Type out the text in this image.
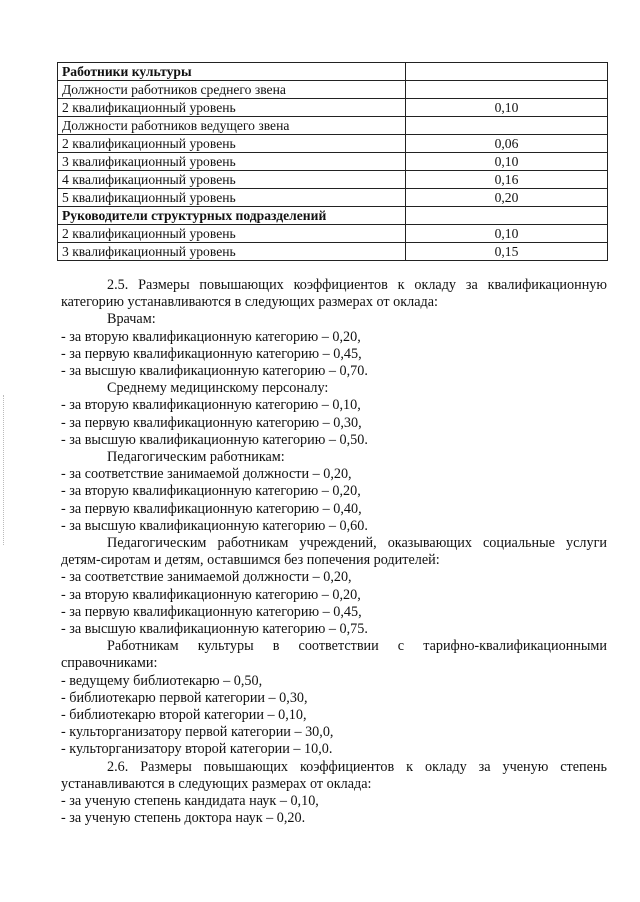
Работники культуры	
Должности работников среднего звена	
2 квалификационный уровень	0,10
Должности работников ведущего звена	
2 квалификационный уровень	0,06
3 квалификационный уровень	0,10
4 квалификационный уровень	0,16
5 квалификационный уровень	0,20
Руководители структурных подразделений	
2 квалификационный уровень	0,10
3 квалификационный уровень	0,15

2.5. Размеры повышающих коэффициентов к окладу за квалификационную

категорию устанавливаются в следующих размерах от оклада:

Врачам:

- за вторую квалификационную категорию – 0,20,

- за первую квалификационную категорию – 0,45,

- за высшую квалификационную категорию – 0,70.

Среднему медицинскому персоналу:

- за вторую квалификационную категорию – 0,10,

- за первую квалификационную категорию – 0,30,

- за высшую квалификационную категорию – 0,50.

Педагогическим работникам:

- за соответствие занимаемой должности – 0,20,

- за вторую квалификационную категорию – 0,20,

- за первую квалификационную категорию – 0,40,

- за высшую квалификационную категорию – 0,60.

Педагогическим работникам учреждений, оказывающих социальные услуги

детям-сиротам и детям, оставшимся без попечения родителей:

- за соответствие занимаемой должности – 0,20,

- за вторую квалификационную категорию – 0,20,

- за первую квалификационную категорию – 0,45,

- за высшую квалификационную категорию – 0,75.

Работникам культуры в соответствии с тарифно-квалификационными

справочниками:

- ведущему библиотекарю – 0,50,

- библиотекарю первой категории – 0,30,

- библиотекарю второй категории – 0,10,

- культорганизатору первой категории – 30,0,

- культорганизатору второй категории – 10,0.

2.6. Размеры повышающих коэффициентов к окладу за ученую степень

устанавливаются в следующих размерах от оклада:

- за ученую степень кандидата наук – 0,10,

- за ученую степень доктора наук – 0,20.
